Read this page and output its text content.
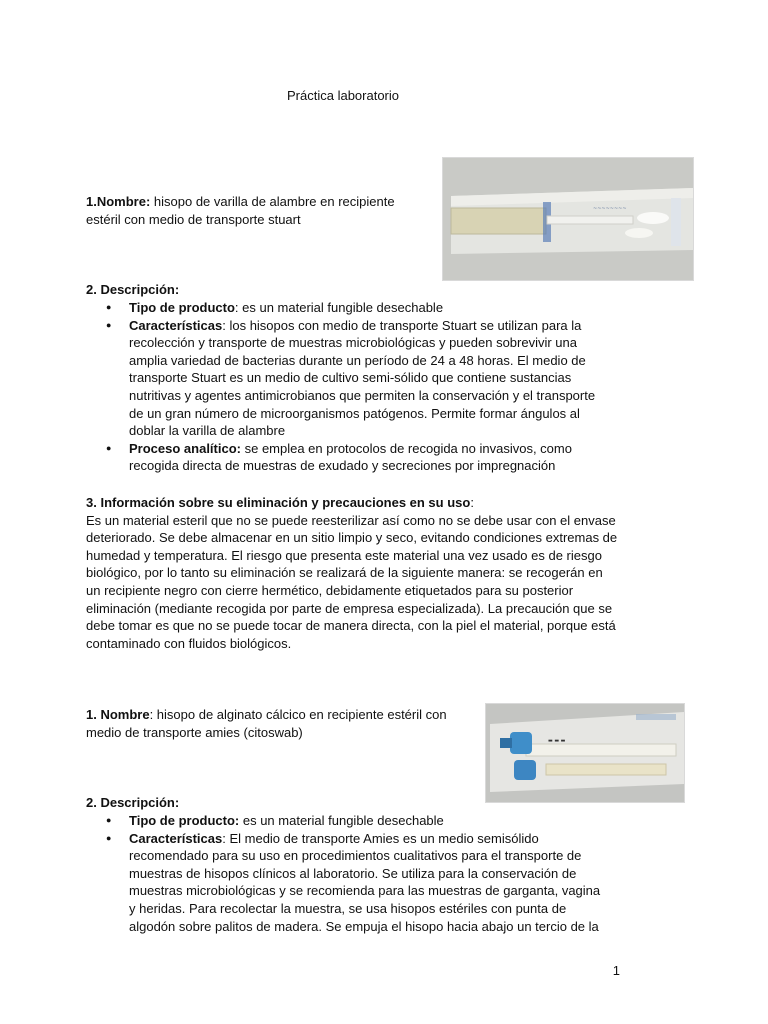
Práctica laboratorio
1.Nombre: hisopo de varilla de alambre en recipiente estéril con medio de transporte stuart
~~~~~~~~
2. Descripción:
● Tipo de producto: es un material fungible desechable
● Características: los hisopos con medio de transporte Stuart se utilizan para la recolección y transporte de muestras microbiológicas y pueden sobrevivir una amplia variedad de bacterias durante un período de 24 a 48 horas. El medio de transporte Stuart es un medio de cultivo semi-sólido que contiene sustancias nutritivas y agentes antimicrobianos que permiten la conservación y el transporte de un gran número de microorganismos patógenos. Permite formar ángulos al doblar la varilla de alambre
● Proceso analítico: se emplea en protocolos de recogida no invasivos, como recogida directa de muestras de exudado y secreciones por impregnación

3. Información sobre su eliminación y precauciones en su uso:

Es un material esteril que no se puede reesterilizar así como no se debe usar con el envase deteriorado. Se debe almacenar en un sitio limpio y seco, evitando condiciones extremas de humedad y temperatura. El riesgo que presenta este material una vez usado es de riesgo biológico, por lo tanto su eliminación se realizará de la siguiente manera: se recogerán en un recipiente negro con cierre hermético, debidamente etiquetados para su posterior eliminación (mediante recogida por parte de empresa especializada). La precaución que se debe tomar es que no se puede tocar de manera directa, con la piel el material, porque está contaminado con fluidos biológicos.

1. Nombre: hisopo de alginato cálcico en recipiente estéril con medio de transporte amies (citoswab)
▬ ▬ ▬
2. Descripción:
● Tipo de producto: es un material fungible desechable
● Características: El medio de transporte Amies es un medio semisólido recomendado para su uso en procedimientos cualitativos para el transporte de muestras de hisopos clínicos al laboratorio. Se utiliza para la conservación de muestras microbiológicas y se recomienda para las muestras de garganta, vagina y heridas. Para recolectar la muestra, se usa hisopos estériles con punta de algodón sobre palitos de madera. Se empuja el hisopo hacia abajo un tercio de la
1
